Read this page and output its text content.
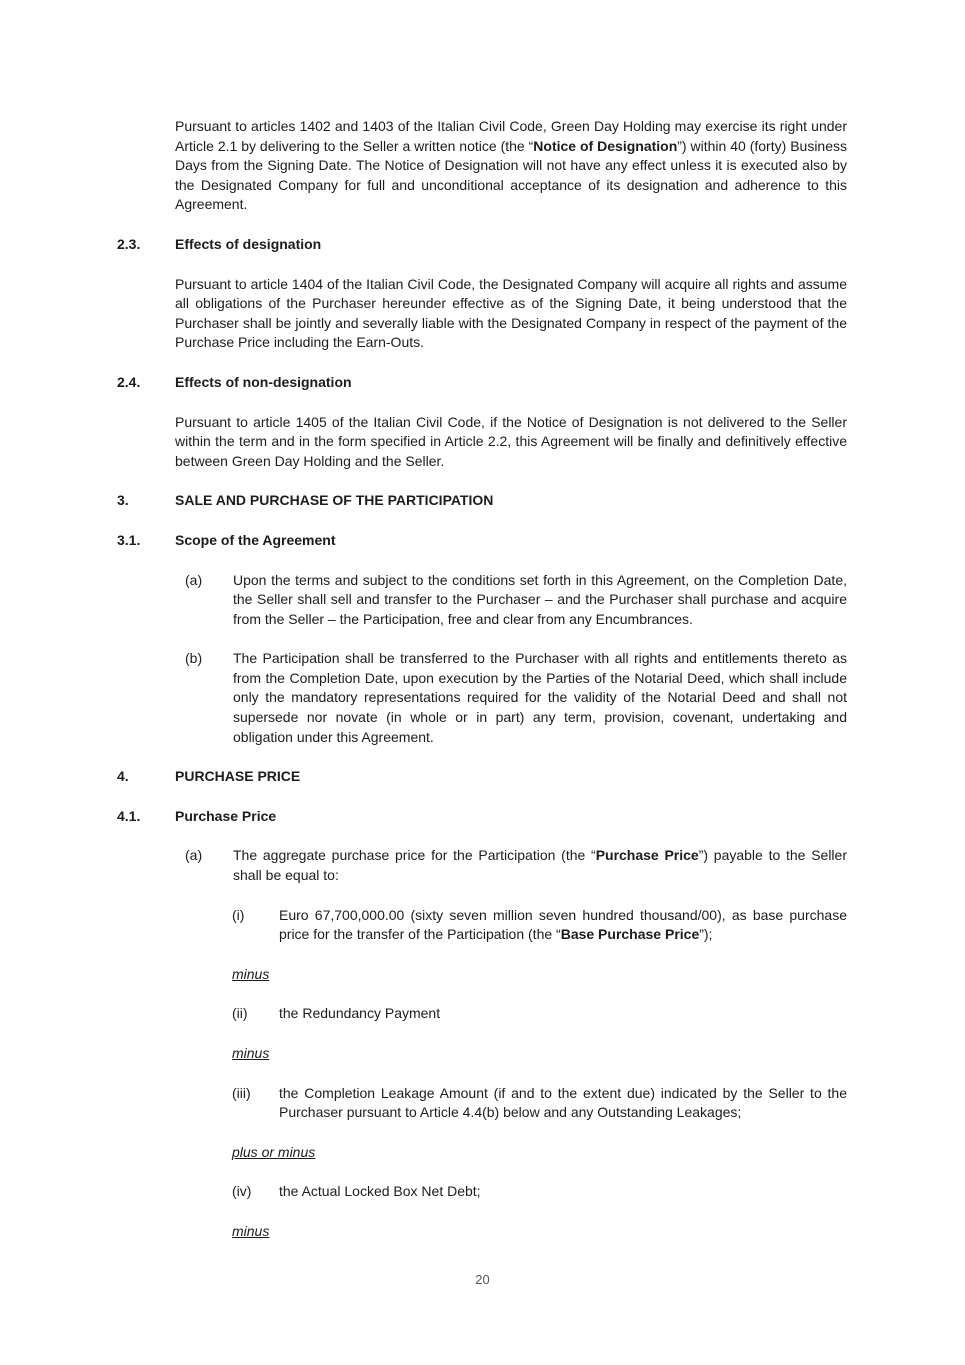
Pursuant to articles 1402 and 1403 of the Italian Civil Code, Green Day Holding may exercise its right under Article 2.1 by delivering to the Seller a written notice (the “Notice of Designation”) within 40 (forty) Business Days from the Signing Date. The Notice of Designation will not have any effect unless it is executed also by the Designated Company for full and unconditional acceptance of its designation and adherence to this Agreement.

2.3.	Effects of designation

Pursuant to article 1404 of the Italian Civil Code, the Designated Company will acquire all rights and assume all obligations of the Purchaser hereunder effective as of the Signing Date, it being understood that the Purchaser shall be jointly and severally liable with the Designated Company in respect of the payment of the Purchase Price including the Earn-Outs.

2.4.	Effects of non-designation

Pursuant to article 1405 of the Italian Civil Code, if the Notice of Designation is not delivered to the Seller within the term and in the form specified in Article 2.2, this Agreement will be finally and definitively effective between Green Day Holding and the Seller.

3.	SALE AND PURCHASE OF THE PARTICIPATION
3.1.	Scope of the Agreement
(a)	Upon the terms and subject to the conditions set forth in this Agreement, on the Completion Date, the Seller shall sell and transfer to the Purchaser – and the Purchaser shall purchase and acquire from the Seller – the Participation, free and clear from any Encumbrances.
(b)	The Participation shall be transferred to the Purchaser with all rights and entitlements thereto as from the Completion Date, upon execution by the Parties of the Notarial Deed, which shall include only the mandatory representations required for the validity of the Notarial Deed and shall not supersede nor novate (in whole or in part) any term, provision, covenant, undertaking and obligation under this Agreement.
4.	PURCHASE PRICE
4.1.	Purchase Price
(a)	The aggregate purchase price for the Participation (the “Purchase Price”) payable to the Seller shall be equal to:
(i)	Euro 67,700,000.00 (sixty seven million seven hundred thousand/00), as base purchase price for the transfer of the Participation (the “Base Purchase Price”);
minus
(ii)	the Redundancy Payment
minus
(iii)	the Completion Leakage Amount (if and to the extent due) indicated by the Seller to the Purchaser pursuant to Article 4.4(b) below and any Outstanding Leakages;
plus or minus
(iv)	the Actual Locked Box Net Debt;
minus
20
